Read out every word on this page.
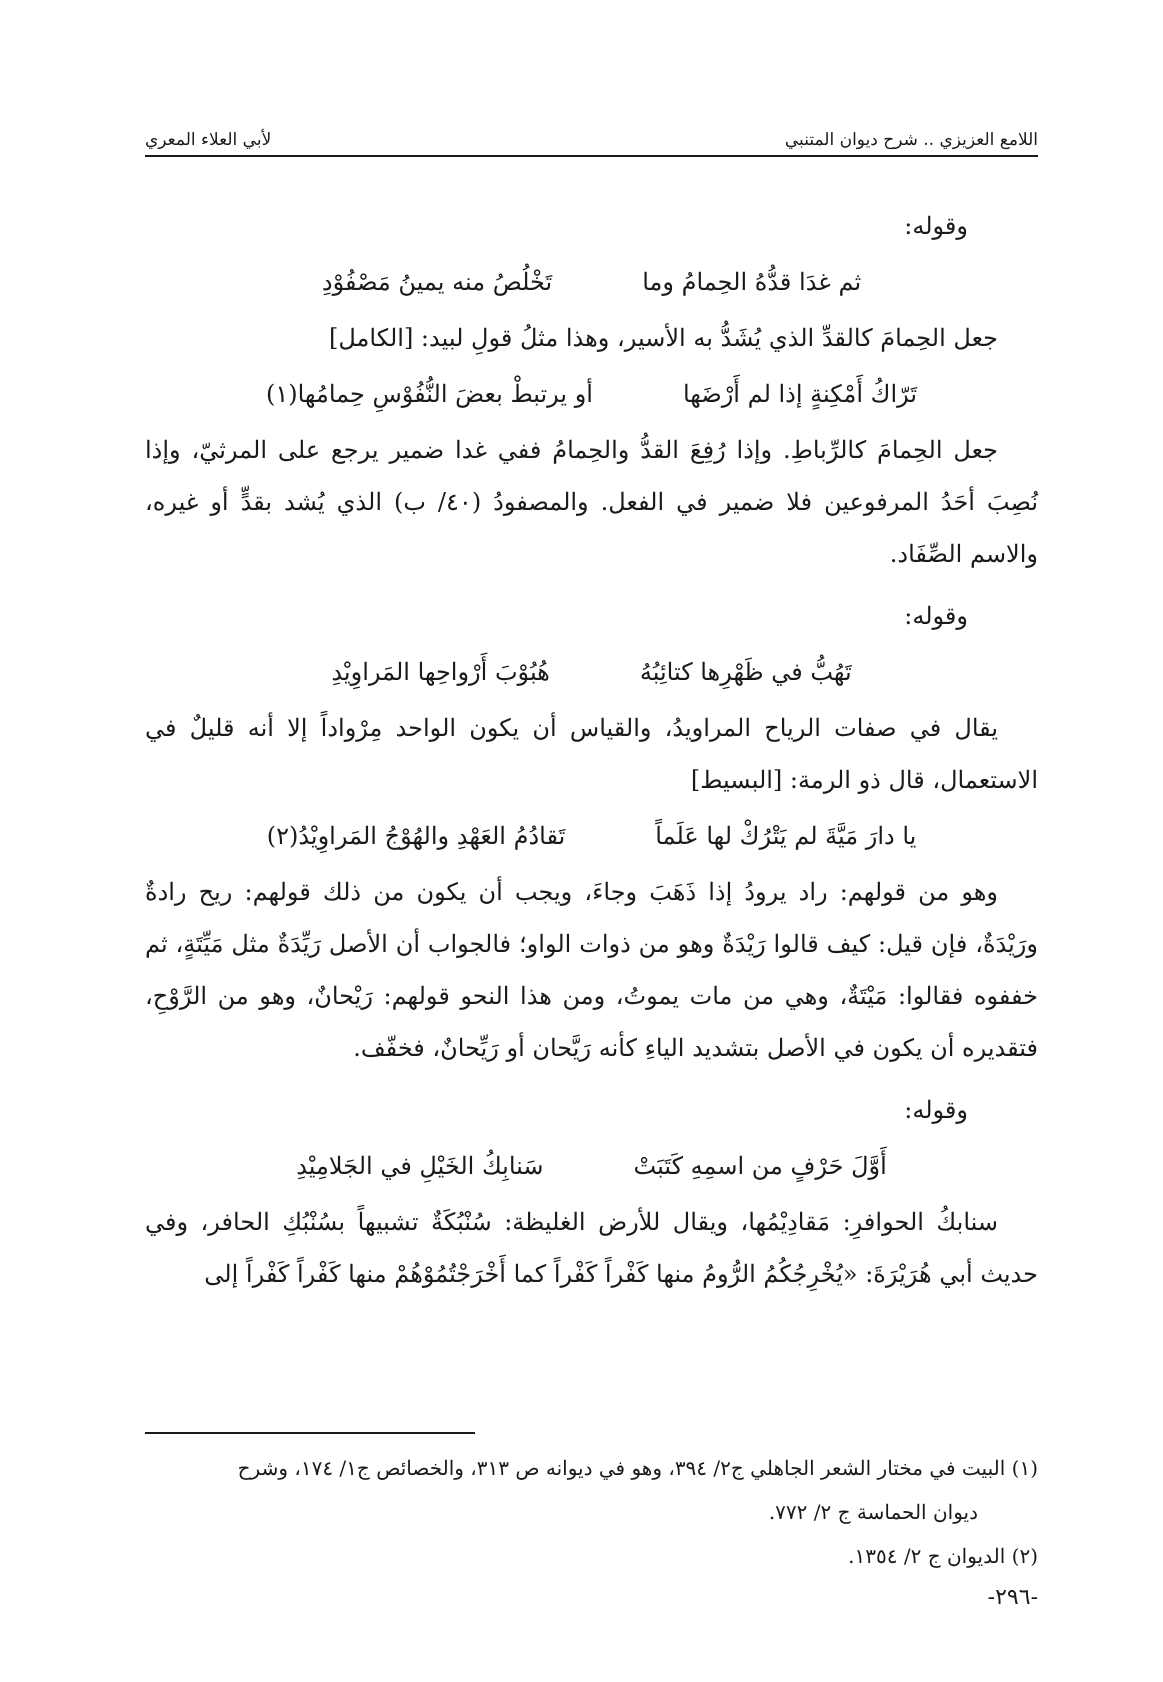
اللامع العزيزي .. شرح ديوان المتنبي
لأبي العلاء المعري

وقوله:

ثم غدَا قدُّهُ الحِمامُ وما
تَخْلُصُ منه يمينُ مَصْفُوْدِ

جعل الحِمامَ كالقدِّ الذي يُشَدُّ به الأسير، وهذا مثلُ قولِ لبيد: [الكامل]

تَرّاكُ أَمْكِنةٍ إذا لم أَرْضَها
أو يرتبطْ بعضَ النُّفُوْسِ حِمامُها(١)

جعل الحِمامَ كالرِّباطِ. وإذا رُفِعَ القدُّ والحِمامُ ففي غدا ضمير يرجع على المرثيّ، وإذا نُصِبَ أحَدُ المرفوعين فلا ضمير في الفعل. والمصفودُ (٤٠/ ب) الذي يُشد بقدٍّ أو غيره، والاسم الصِّفَاد.

وقوله:

تَهُبُّ في ظَهْرِها كتائِبُهُ
هُبُوْبَ أَرْواحِها المَراوِيْدِ

يقال في صفات الرياح المراويدُ، والقياس أن يكون الواحد مِرْواداً إلا أنه قليلٌ في الاستعمال، قال ذو الرمة: [البسيط]

يا دارَ مَيَّةَ لم يَتْرُكْ لها عَلَماً
تَقادُمُ العَهْدِ والهُوْجُ المَراوِيْدُ(٢)

وهو من قولهم: راد يرودُ إذا ذَهَبَ وجاءَ، ويجب أن يكون من ذلك قولهم: ريح رادةٌ ورَيْدَةٌ، فإن قيل: كيف قالوا رَيْدَةٌ وهو من ذوات الواو؛ فالجواب أن الأصل رَيِّدَةٌ مثل مَيِّتَةٍ، ثم خففوه فقالوا: مَيْتَةٌ، وهي من مات يموتُ، ومن هذا النحو قولهم: رَيْحانٌ، وهو من الرَّوْحِ، فتقديره أن يكون في الأصل بتشديد الياءِ كأنه رَيَّحان أو رَيِّحانٌ، فخفّف.

وقوله:

أَوَّلَ حَرْفٍ من اسمِهِ كَتَبَتْ
سَنابِكُ الخَيْلِ في الجَلامِيْدِ

سنابكُ الحوافرِ: مَقادِيْمُها، ويقال للأرض الغليظة: سُنْبُكَةٌ تشبيهاً بسُنْبُكِ الحافر، وفي حديث أبي هُرَيْرَةَ: «يُخْرِجُكُمُ الرُّومُ منها كَفْراً كَفْراً كما أَخْرَجْتُمُوْهُمْ منها كَفْراً كَفْراً إلى

(١) البيت في مختار الشعر الجاهلي ج٢/ ٣٩٤، وهو في ديوانه ص ٣١٣، والخصائص ج١/ ١٧٤، وشرح

ديوان الحماسة ج ٢/ ٧٧٢.

(٢) الديوان ج ٢/ ١٣٥٤.

-٢٩٦-
